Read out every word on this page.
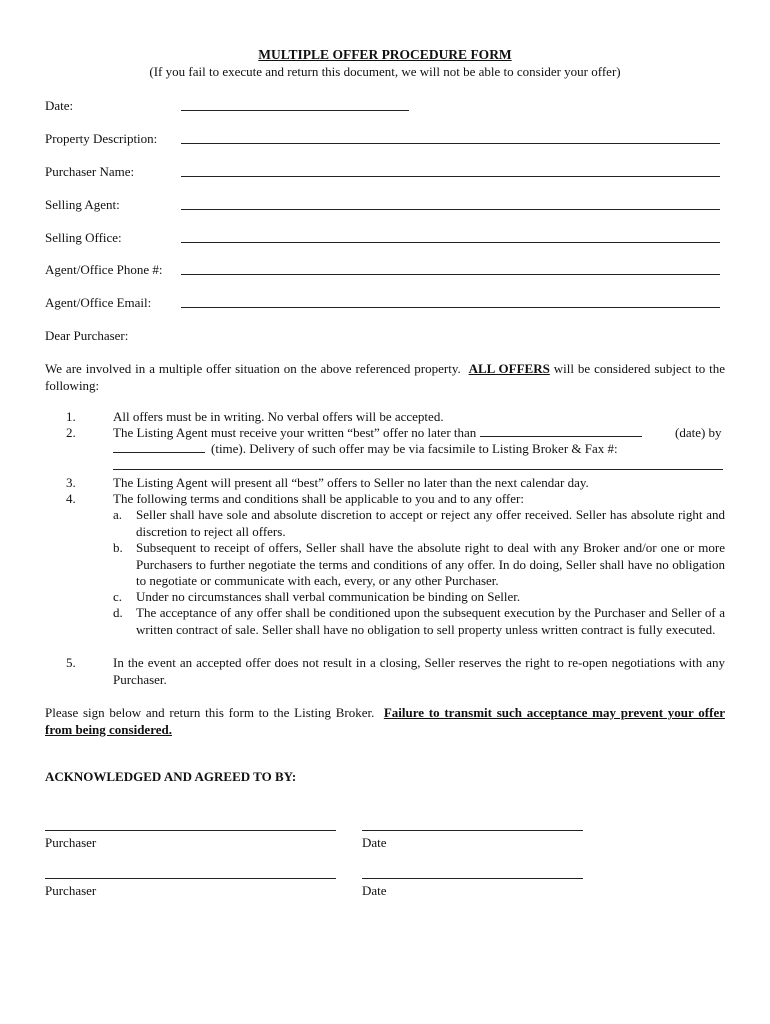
MULTIPLE OFFER PROCEDURE FORM
(If you fail to execute and return this document, we will not be able to consider your offer)
Date:
Property Description:
Purchaser Name:
Selling Agent:
Selling Office:
Agent/Office Phone #:
Agent/Office Email:
Dear Purchaser:
We are involved in a multiple offer situation on the above referenced property. ALL OFFERS will be considered subject to the following:
1.	All offers must be in writing. No verbal offers will be accepted.
2.	The Listing Agent must receive your written “best” offer no later than	(date) by
(time). Delivery of such offer may be via facsimile to Listing Broker & Fax #:
3.	The Listing Agent will present all “best” offers to Seller no later than the next calendar day.
4.	The following terms and conditions shall be applicable to you and to any offer:
a. Seller shall have sole and absolute discretion to accept or reject any offer received. Seller has absolute right and discretion to reject all offers.
b. Subsequent to receipt of offers, Seller shall have the absolute right to deal with any Broker and/or one or more Purchasers to further negotiate the terms and conditions of any offer. In do doing, Seller shall have no obligation to negotiate or communicate with each, every, or any other Purchaser.
c. Under no circumstances shall verbal communication be binding on Seller.
d. The acceptance of any offer shall be conditioned upon the subsequent execution by the Purchaser and Seller of a written contract of sale. Seller shall have no obligation to sell property unless written contract is fully executed.
5.	In the event an accepted offer does not result in a closing, Seller reserves the right to re-open negotiations with any Purchaser.
Please sign below and return this form to the Listing Broker. Failure to transmit such acceptance may prevent your offer from being considered.
ACKNOWLEDGED AND AGREED TO BY:
Purchaser	Date
Purchaser	Date
